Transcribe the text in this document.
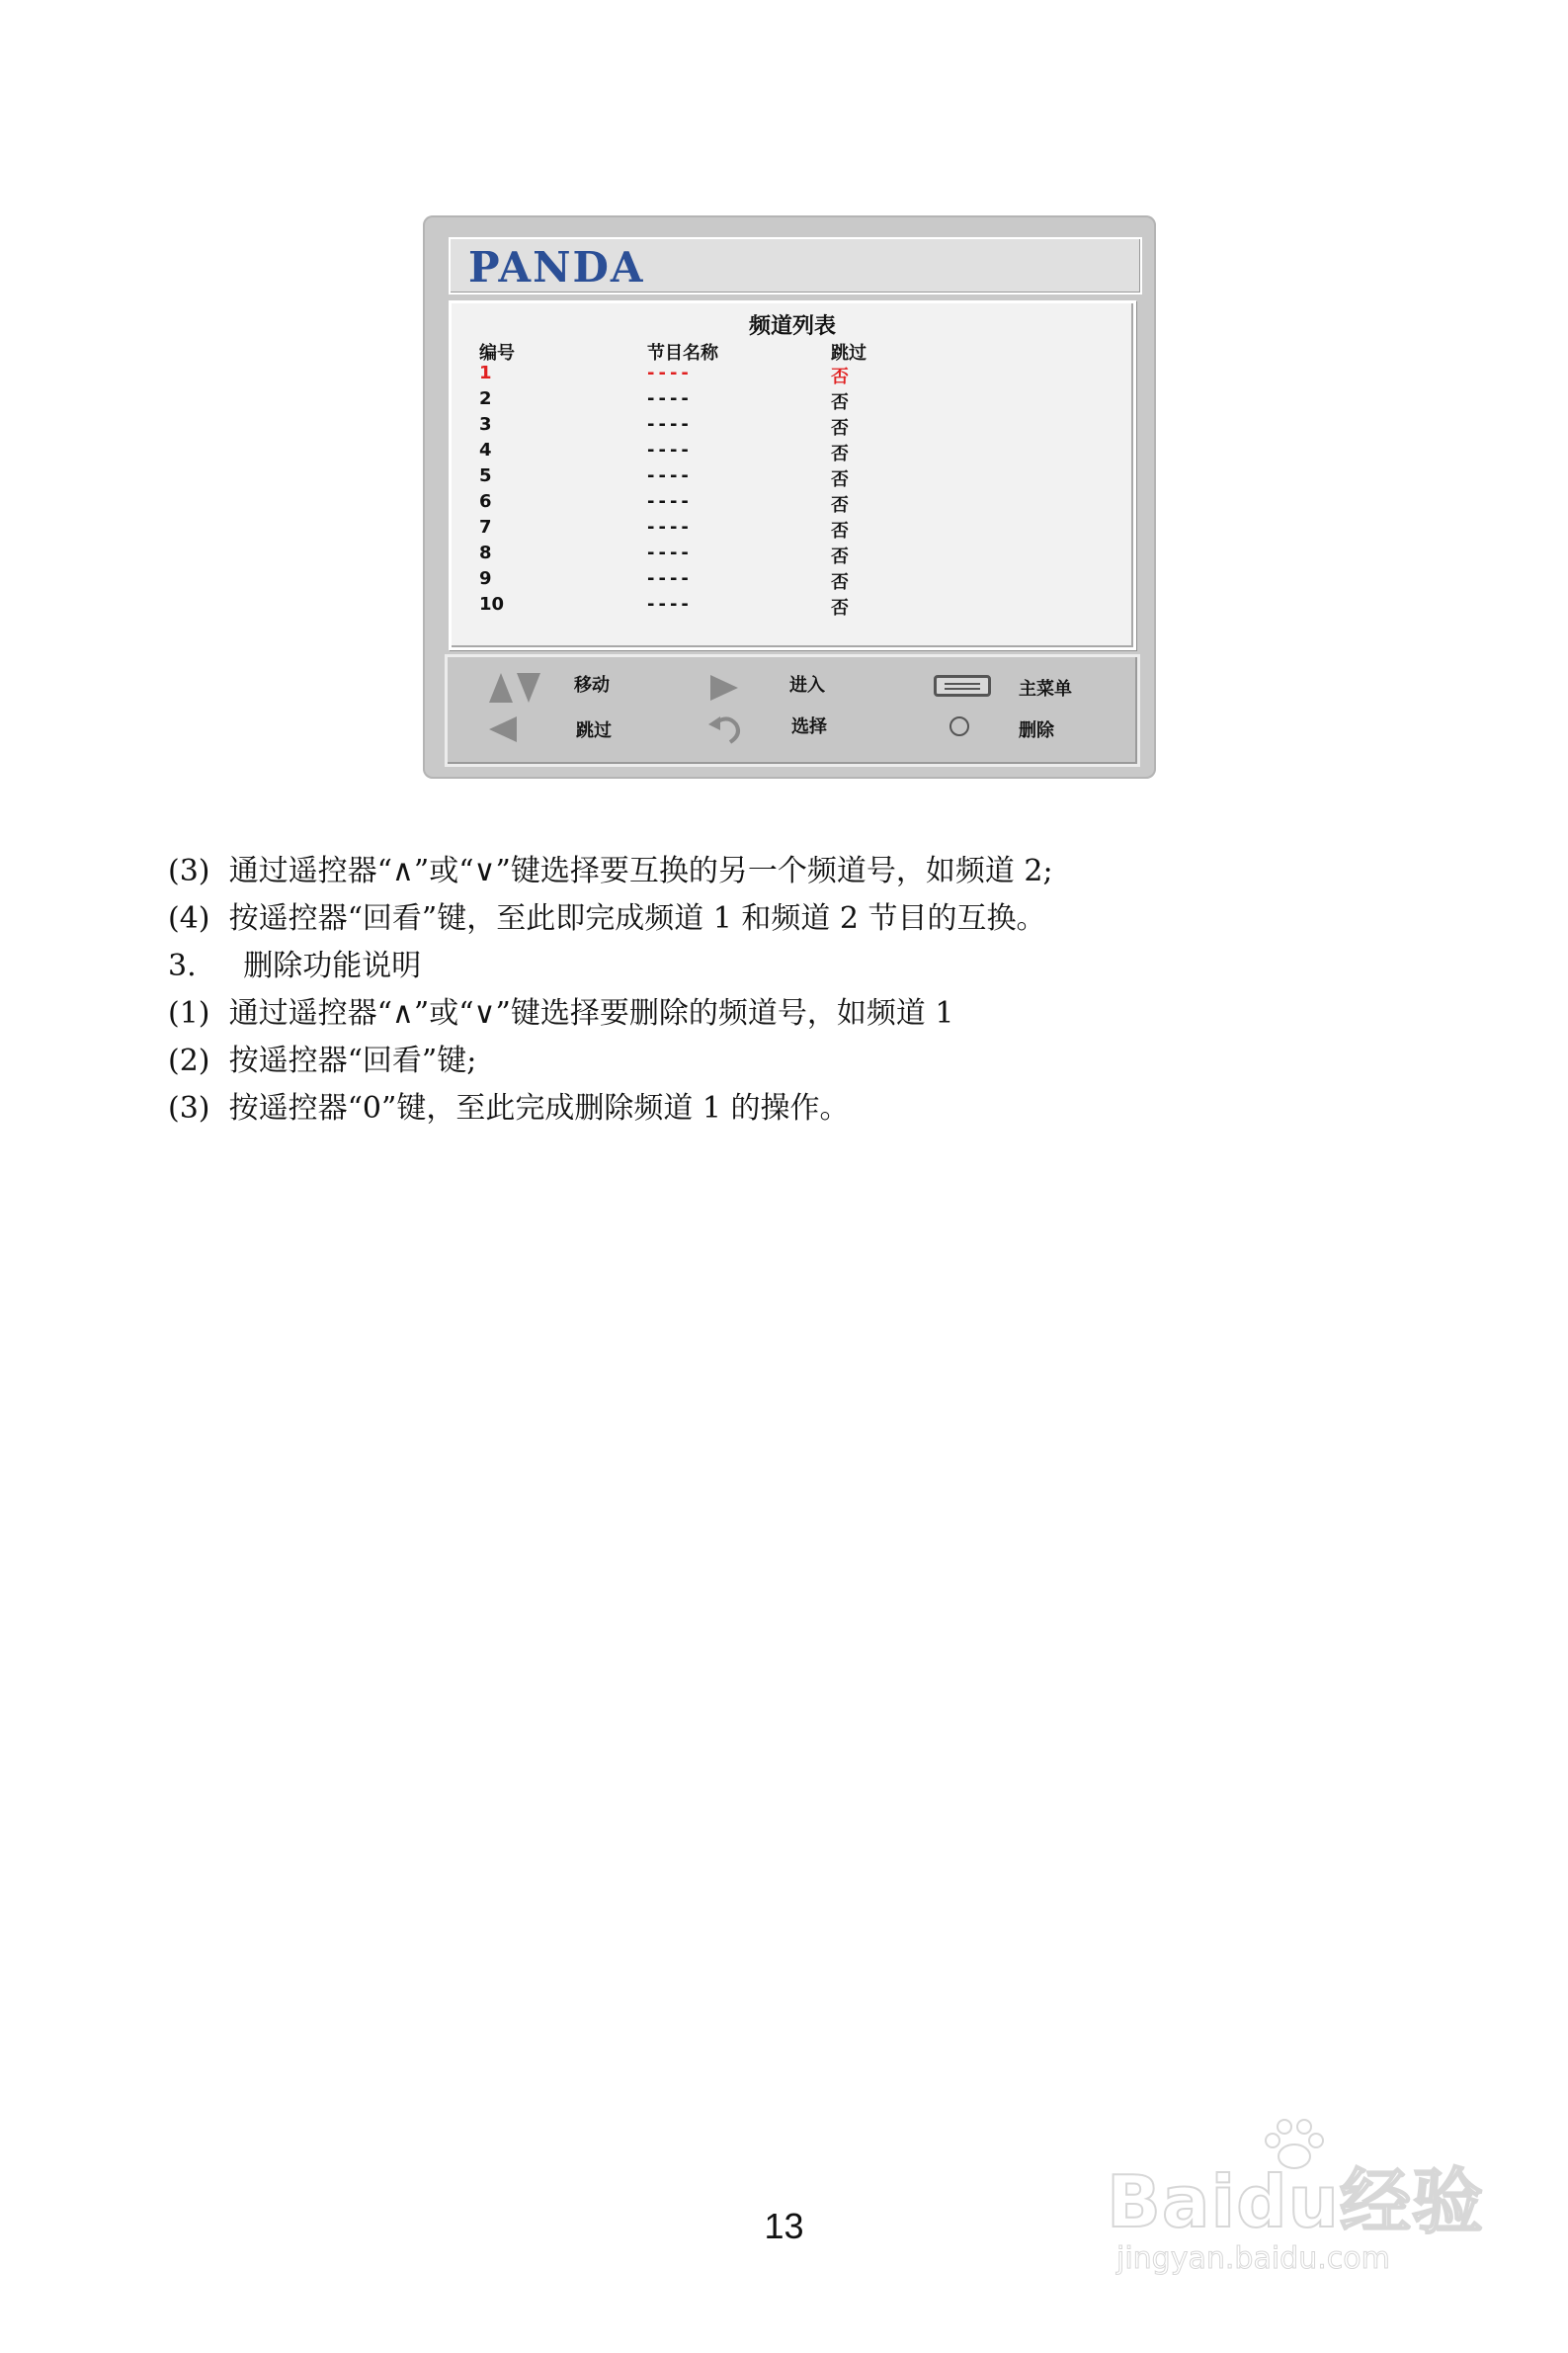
PANDA
频道列表
编号	节目名称	跳过
1	----	否
2	----	否
3	----	否
4	----	否
5	----	否
6	----	否
7	----	否
8	----	否
9	----	否
10	----	否
移动	进入	主菜单
跳过	选择	删除
(3)  通过遥控器“∧”或“∨”键选择要互换的另一个频道号，如频道 2;
(4)  按遥控器“回看”键，至此即完成频道 1 和频道 2 节目的互换。
3.     删除功能说明
(1)  通过遥控器“∧”或“∨”键选择要删除的频道号，如频道 1
(2)  按遥控器“回看”键;
(3)  按遥控器“0”键，至此完成删除频道 1 的操作。
13	Baidu经验
jingyan.baidu.com
